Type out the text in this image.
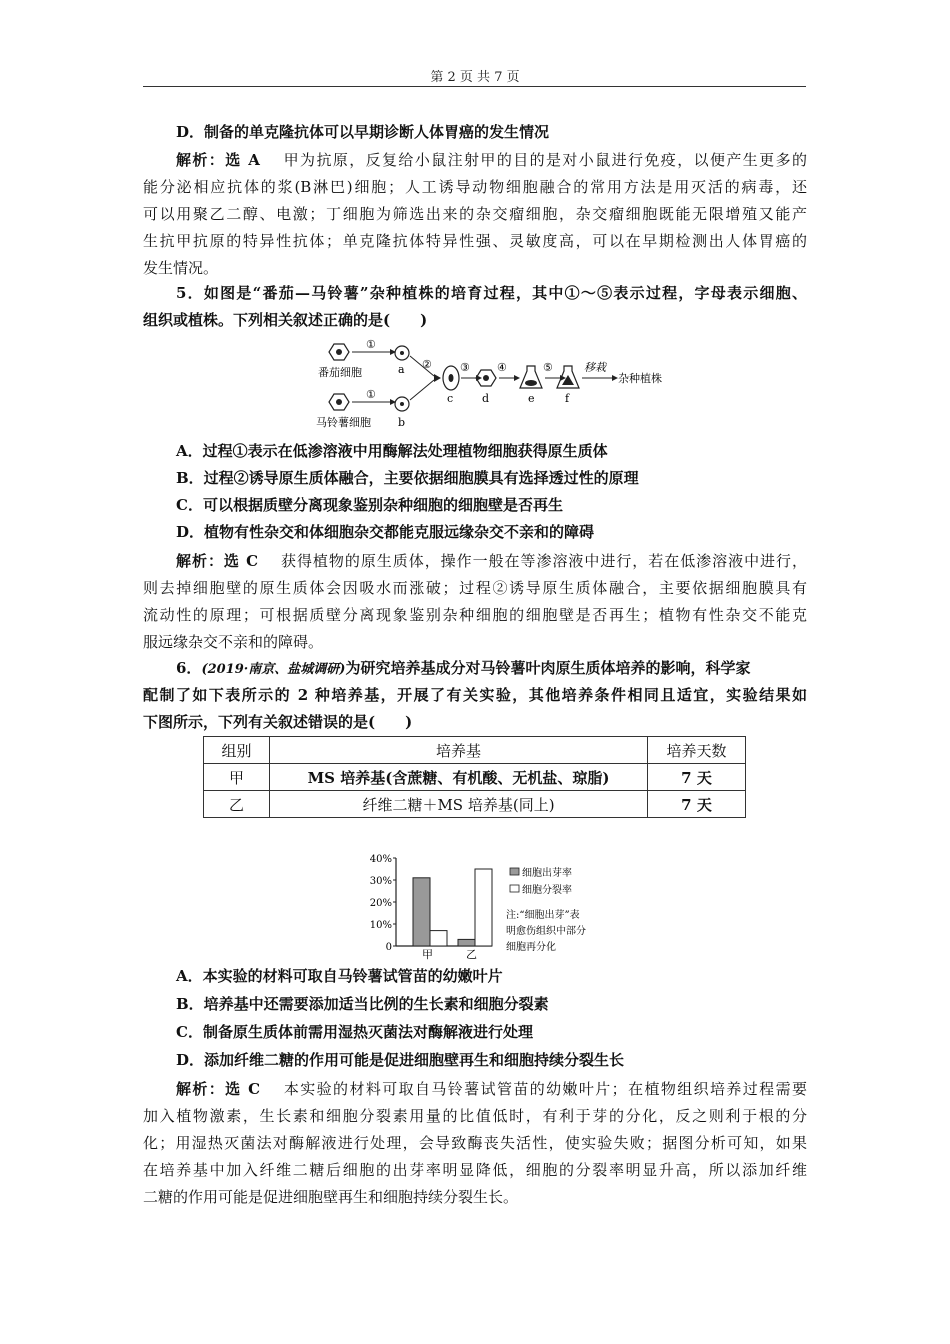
第 2 页 共 7 页
D．制备的单克隆抗体可以早期诊断人体胃癌的发生情况
解析：选 A　 甲为抗原，反复给小鼠注射甲的目的是对小鼠进行免疫，以便产生更多的
能分泌相应抗体的浆(B淋巴)细胞；人工诱导动物细胞融合的常用方法是用灭活的病毒，还
可以用聚乙二醇、电激；丁细胞为筛选出来的杂交瘤细胞，杂交瘤细胞既能无限增殖又能产
生抗甲抗原的特异性抗体；单克隆抗体特异性强、灵敏度高，可以在早期检测出人体胃癌的
发生情况。
5．如图是“番茄—马铃薯”杂种植株的培育过程，其中①～⑤表示过程，字母表示细胞、
组织或植株。下列相关叙述正确的是(　　)
番茄细胞
①
a
马铃薯细胞
①
b
②
c
③
d
④
e
⑤
f
移栽
杂种植株
A．过程①表示在低渗溶液中用酶解法处理植物细胞获得原生质体
B．过程②诱导原生质体融合，主要依据细胞膜具有选择透过性的原理
C．可以根据质壁分离现象鉴别杂种细胞的细胞壁是否再生
D．植物有性杂交和体细胞杂交都能克服远缘杂交不亲和的障碍
解析：选 C　 获得植物的原生质体，操作一般在等渗溶液中进行，若在低渗溶液中进行，
则去掉细胞壁的原生质体会因吸水而涨破；过程②诱导原生质体融合，主要依据细胞膜具有
流动性的原理；可根据质壁分离现象鉴别杂种细胞的细胞壁是否再生；植物有性杂交不能克
服远缘杂交不亲和的障碍。
6．(2019·南京、盐城调研)为研究培养基成分对马铃薯叶肉原生质体培养的影响，科学家
配制了如下表所示的 2 种培养基，开展了有关实验，其他培养条件相同且适宜，实验结果如
下图所示，下列有关叙述错误的是(　　)
组别	培养基	培养天数
甲	MS 培养基(含蔗糖、有机酸、无机盐、琼脂)	7 天
乙	纤维二糖＋MS 培养基(同上)	7 天
40%
30%
20%
10%
0
甲	乙
细胞出芽率
细胞分裂率
注:“细胞出芽”表
明愈伤组织中部分
细胞再分化
A．本实验的材料可取自马铃薯试管苗的幼嫩叶片
B．培养基中还需要添加适当比例的生长素和细胞分裂素
C．制备原生质体前需用湿热灭菌法对酶解液进行处理
D．添加纤维二糖的作用可能是促进细胞壁再生和细胞持续分裂生长
解析：选 C　 本实验的材料可取自马铃薯试管苗的幼嫩叶片；在植物组织培养过程需要
加入植物激素，生长素和细胞分裂素用量的比值低时，有利于芽的分化，反之则利于根的分
化；用湿热灭菌法对酶解液进行处理，会导致酶丧失活性，使实验失败；据图分析可知，如果
在培养基中加入纤维二糖后细胞的出芽率明显降低，细胞的分裂率明显升高，所以添加纤维
二糖的作用可能是促进细胞壁再生和细胞持续分裂生长。
